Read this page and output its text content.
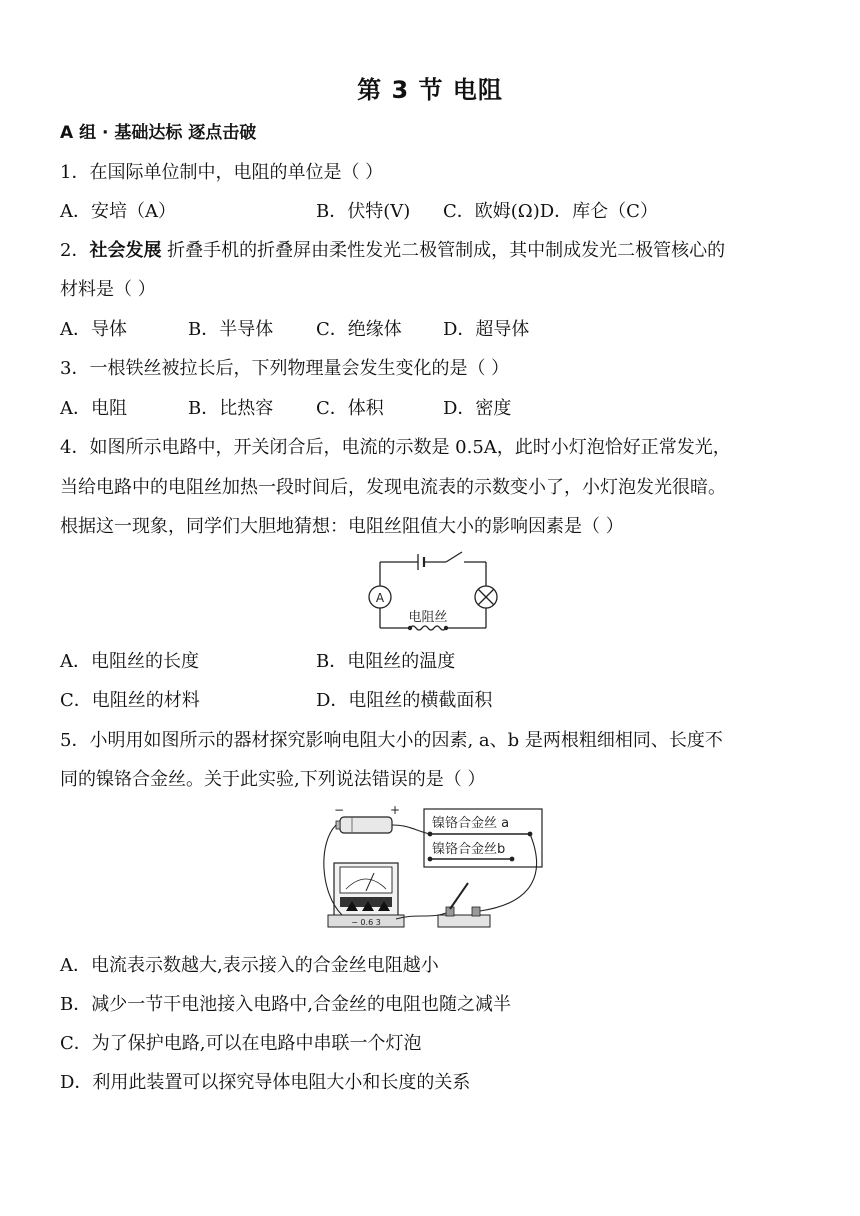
第 3 节 电阻
A 组 · 基础达标 逐点击破
1．在国际单位制中，电阻的单位是（ ）
A．安培（A）	B．伏特(V) C．欧姆(Ω)D．库仑（C）
2．社会发展 折叠手机的折叠屏由柔性发光二极管制成，其中制成发光二极管核心的
材料是（ ）
A．导体	B．半导体 C．绝缘体 D．超导体
3．一根铁丝被拉长后，下列物理量会发生变化的是（ ）
A．电阻	B．比热容 C．体积	D．密度
4．如图所示电路中，开关闭合后，电流的示数是 0.5A，此时小灯泡恰好正常发光，
当给电路中的电阻丝加热一段时间后，发现电流表的示数变小了，小灯泡发光很暗。
根据这一现象，同学们大胆地猜想：电阻丝阻值大小的影响因素是（ ）
A
电阻丝
A．电阻丝的长度	B．电阻丝的温度
C．电阻丝的材料	D．电阻丝的横截面积
5．小明用如图所示的器材探究影响电阻大小的因素, a、b 是两根粗细相同、长度不
同的镍铬合金丝。关于此实验,下列说法错误的是（ ）
−	+
镍铬合金丝 a
镍铬合金丝b
− 0.6 3
A．电流表示数越大,表示接入的合金丝电阻越小
B．减少一节干电池接入电路中,合金丝的电阻也随之减半
C．为了保护电路,可以在电路中串联一个灯泡
D．利用此装置可以探究导体电阻大小和长度的关系
